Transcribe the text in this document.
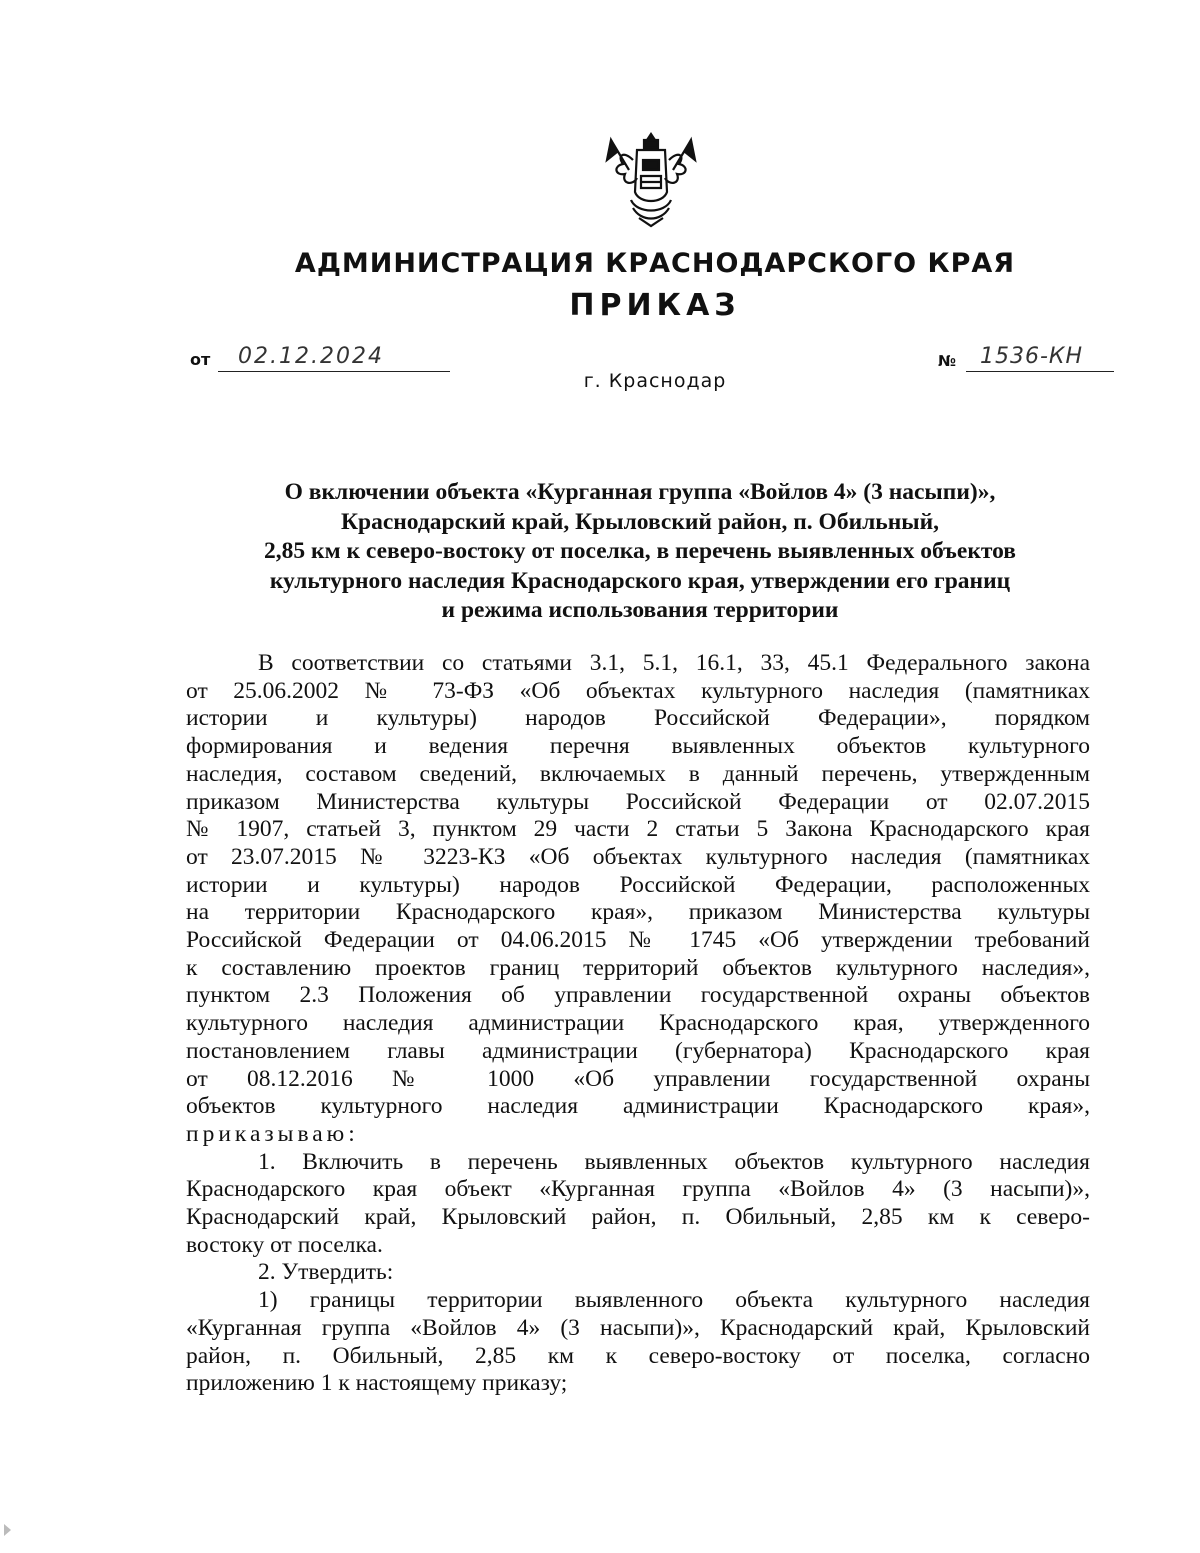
АДМИНИСТРАЦИЯ КРАСНОДАРСКОГО КРАЯ
ПРИКАЗ
от 02.12.2024	№ 1536-КН
г. Краснодар
О включении объекта «Курганная группа «Войлов 4» (3 насыпи)»,
Краснодарский край, Крыловский район, п. Обильный,
2,85 км к северо-востоку от поселка, в перечень выявленных объектов
культурного наследия Краснодарского края, утверждении его границ
и режима использования территории
В соответствии со статьями 3.1, 5.1, 16.1, 33, 45.1 Федерального закона
от 25.06.2002 № 73-ФЗ «Об объектах культурного наследия (памятниках
истории и культуры) народов Российской Федерации», порядком
формирования и ведения перечня выявленных объектов культурного
наследия, составом сведений, включаемых в данный перечень, утвержденным
приказом Министерства культуры Российской Федерации от 02.07.2015
№ 1907, статьей 3, пунктом 29 части 2 статьи 5 Закона Краснодарского края
от 23.07.2015 № 3223-КЗ «Об объектах культурного наследия (памятниках
истории и культуры) народов Российской Федерации, расположенных
на территории Краснодарского края», приказом Министерства культуры
Российской Федерации от 04.06.2015 № 1745 «Об утверждении требований
к составлению проектов границ территорий объектов культурного наследия»,
пунктом 2.3 Положения об управлении государственной охраны объектов
культурного наследия администрации Краснодарского края, утвержденного
постановлением главы администрации (губернатора) Краснодарского края
от 08.12.2016 № 1000 «Об управлении государственной охраны
объектов культурного наследия администрации Краснодарского края»,
приказываю:
1. Включить в перечень выявленных объектов культурного наследия
Краснодарского края объект «Курганная группа «Войлов 4» (3 насыпи)»,
Краснодарский край, Крыловский район, п. Обильный, 2,85 км к северо-
востоку от поселка.
2. Утвердить:
1) границы территории выявленного объекта культурного наследия
«Курганная группа «Войлов 4» (3 насыпи)», Краснодарский край, Крыловский
район, п. Обильный, 2,85 км к северо-востоку от поселка, согласно
приложению 1 к настоящему приказу;
